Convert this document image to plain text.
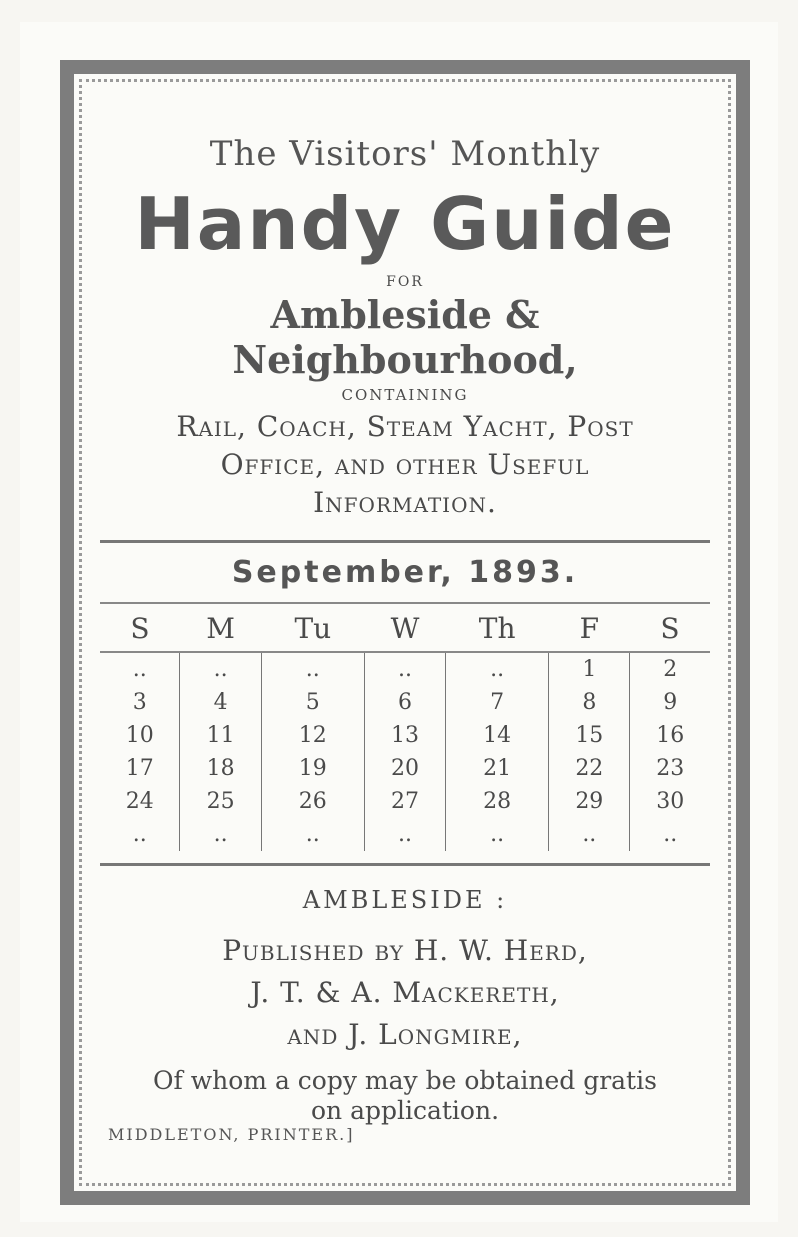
The Visitors' Monthly
Handy Guide
FOR
Ambleside & Neighbourhood,
CONTAINING
Rail, Coach, Steam Yacht, Post
Office, and other Useful
Information.
September, 1893.
S	M	Tu	W	Th	F	S
..	..	..	..	..	1	2
3	4	5	6	7	8	9
10	11	12	13	14	15	16
17	18	19	20	21	22	23
24	25	26	27	28	29	30
..	..	..	..	..	..	..
AMBLESIDE :
Published by H. W. Herd,
J. T. & A. Mackereth,
and J. Longmire,
Of whom a copy may be obtained gratis
on application.
MIDDLETON, PRINTER.]
